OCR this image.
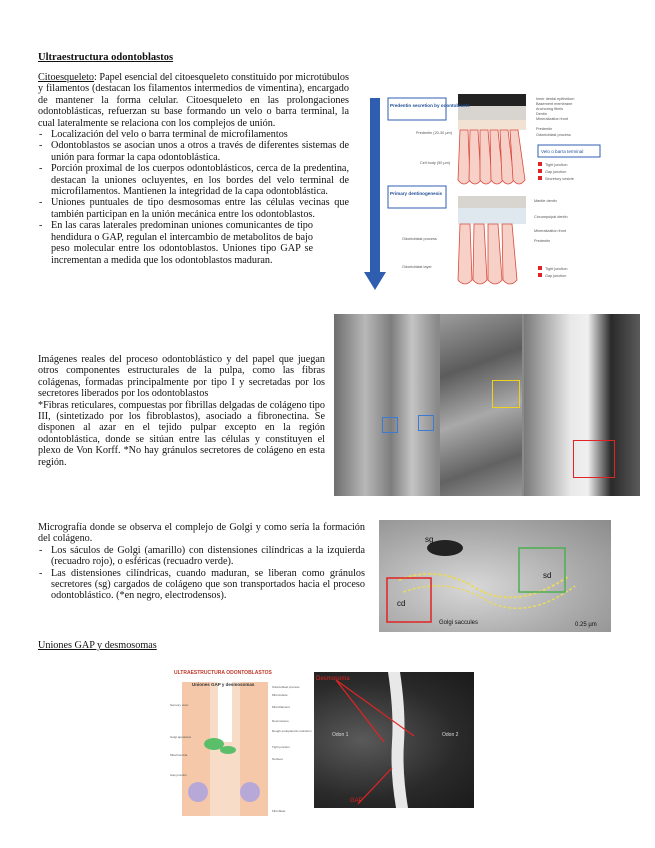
Ultraestructura odontoblastos
Citoesqueleto: Papel esencial del citoesqueleto constituido por microtúbulos y filamentos (destacan los filamentos intermedios de vimentina), encargado de mantener la forma celular. Citoesqueleto en las prolongaciones odontoblásticas, refuerzan su base formando un velo o barra terminal, la cual lateralmente se relaciona con los complejos de unión.
- Localización del velo o barra terminal de microfilamentos
- Odontoblastos se asocian unos a otros a través de diferentes sistemas de unión para formar la capa odontoblástica.
- Porción proximal de los cuerpos odontoblásticos, cerca de la predentina, destacan la uniones ocluyentes, en los bordes del velo terminal de microfilamentos. Mantienen la integridad de la capa odontoblástica.
- Uniones puntuales de tipo desmosomas entre las células vecinas que también participan en la unión mecánica entre los odontoblastos.
- En las caras laterales predominan uniones comunicantes de tipo hendidura o GAP, regulan el intercambio de metabolitos de bajo peso molecular entre los odontoblastos. Uniones tipo GAP se incrementan a medida que los odontoblastos maduran.
Imágenes reales del proceso odontoblástico y del papel que juegan otros componentes estructurales de la pulpa, como las fibras colágenas, formadas principalmente por tipo I y secretadas por los secretores liberados por los odontoblastos
*Fibras reticulares, compuestas por fibrillas delgadas de colágeno tipo III, (sintetizado por los fibroblastos), asociado a fibronectina. Se disponen al azar en el tejido pulpar excepto en la región odontoblástica, donde se sitúan entre las células y constituyen el plexo de Von Korff. *No hay gránulos secretores de colágeno en esta región.
Micrografía donde se observa el complejo de Golgi y como sería la formación del colágeno.
- Los sáculos de Golgi (amarillo) con distensiones cilíndricas a la izquierda (recuadro rojo), o esféricas (recuadro verde).
- Las distensiones cilíndricas, cuando maduran, se liberan como gránulos secretores (sg) cargados de colágeno que son transportados hacia el proceso odontoblástico. (*en negro, electrodensos).
Uniones GAP y desmosomas
Inner dental epithelium
Basement membrane
Anchoring fibrils
Dentin
Mineralization front
Predentin
Odontoblast process
Tight junction
Gap junction
Secretory vesicle
Mantle dentin
Circumpulpal dentin
Mineralization front
Predentin
Tight junction
Gap junction
Odontoblast process
Odontoblast layer
Predentin (20-30 µm)
Cell body (50 µm)
Predentin secretion by odontoblasts
Primary dentinogenesis
Velo o barra terminal
sg
sd
cd
Golgi saccules	0.25 µm
ULTRAESTRUCTURA ODONTOBLASTOS
Uniones GAP y desmosomas
Sensory axon
Golgi apparatus
Mitochondria
Gap junction
Odontoblast process
Microtubule
Microfilament
Desmosome
Rough endoplasmic reticulum
Tight junction
Nucleus
Fibroblast
Desmosoma
GAP
Odon 1	Odon 2
